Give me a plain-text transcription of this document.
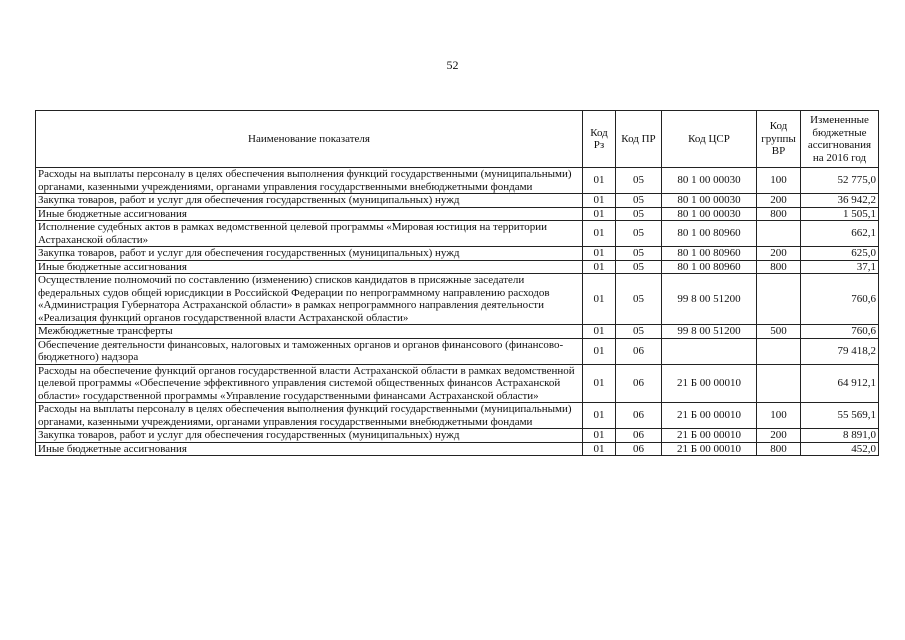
52
Наименование показателя	Код Рз	Код ПР	Код ЦСР	Код группы ВР	Измененные бюджетные ассигнования на 2016 год
Расходы на выплаты персоналу в целях обеспечения выполнения функций государственными (муниципальными) органами, казенными учреждениями, органами управления государственными внебюджетными фондами	01	05	80 1 00 00030	100	52 775,0
Закупка товаров, работ и услуг для обеспечения государственных (муниципальных) нужд	01	05	80 1 00 00030	200	36 942,2
Иные бюджетные ассигнования	01	05	80 1 00 00030	800	1 505,1
Исполнение судебных актов в рамках ведомственной целевой программы «Мировая юстиция на территории Астраханской области»	01	05	80 1 00 80960		662,1
Закупка товаров, работ и услуг для обеспечения государственных (муниципальных) нужд	01	05	80 1 00 80960	200	625,0
Иные бюджетные ассигнования	01	05	80 1 00 80960	800	37,1
Осуществление полномочий по составлению (изменению) списков кандидатов в присяжные заседатели федеральных судов общей юрисдикции в Российской Федерации по непрограммному направлению расходов «Администрация Губернатора Астраханской области» в рамках непрограммного направления деятельности «Реализация функций органов государственной власти Астраханской области»	01	05	99 8 00 51200		760,6
Межбюджетные трансферты	01	05	99 8 00 51200	500	760,6
Обеспечение деятельности финансовых, налоговых и таможенных органов и органов финансового (финансово-бюджетного) надзора	01	06			79 418,2
Расходы на обеспечение функций органов государственной власти Астраханской области в рамках ведомственной целевой программы «Обеспечение эффективного управления системой общественных финансов Астраханской области» государственной программы «Управление государственными финансами Астраханской области»	01	06	21 Б 00 00010		64 912,1
Расходы на выплаты персоналу в целях обеспечения выполнения функций государственными (муниципальными) органами, казенными учреждениями, органами управления государственными внебюджетными фондами	01	06	21 Б 00 00010	100	55 569,1
Закупка товаров, работ и услуг для обеспечения государственных (муниципальных) нужд	01	06	21 Б 00 00010	200	8 891,0
Иные бюджетные ассигнования	01	06	21 Б 00 00010	800	452,0
